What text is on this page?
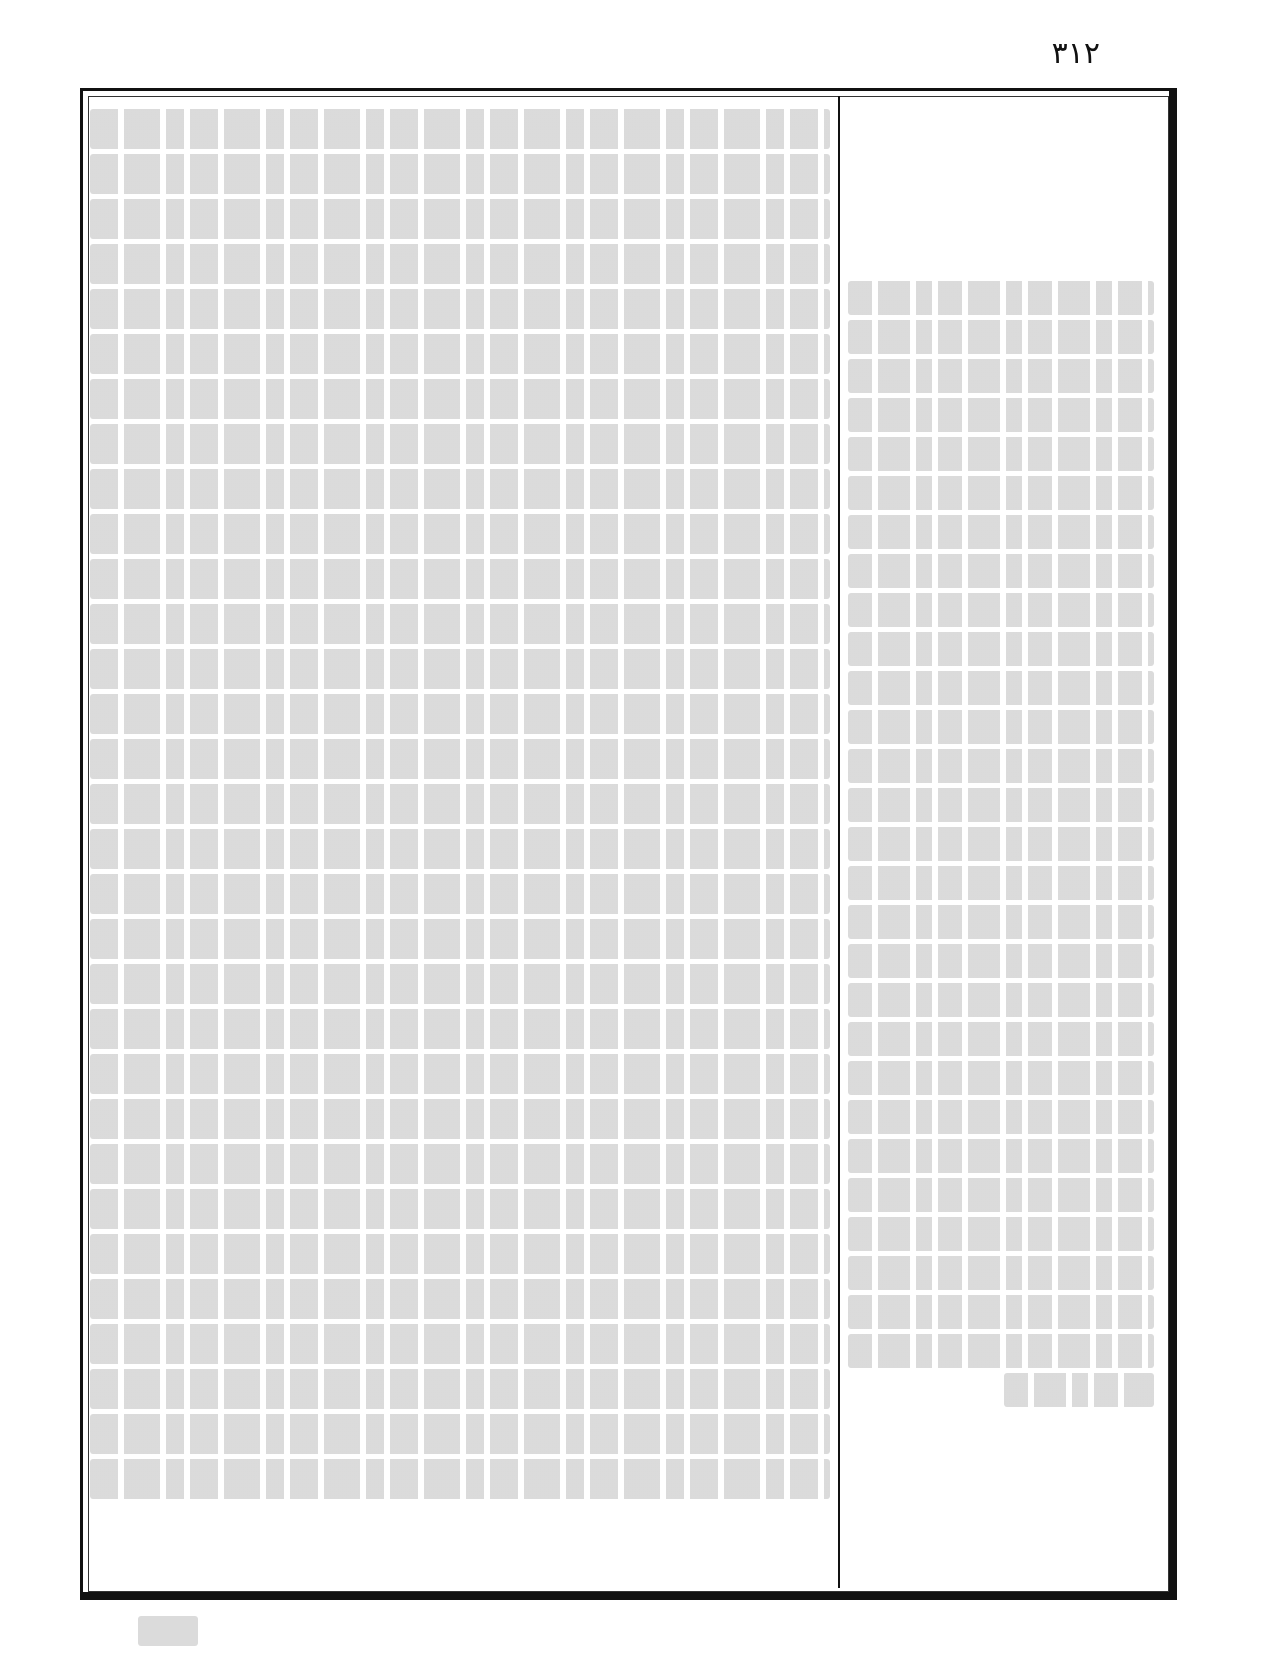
٣١٢
